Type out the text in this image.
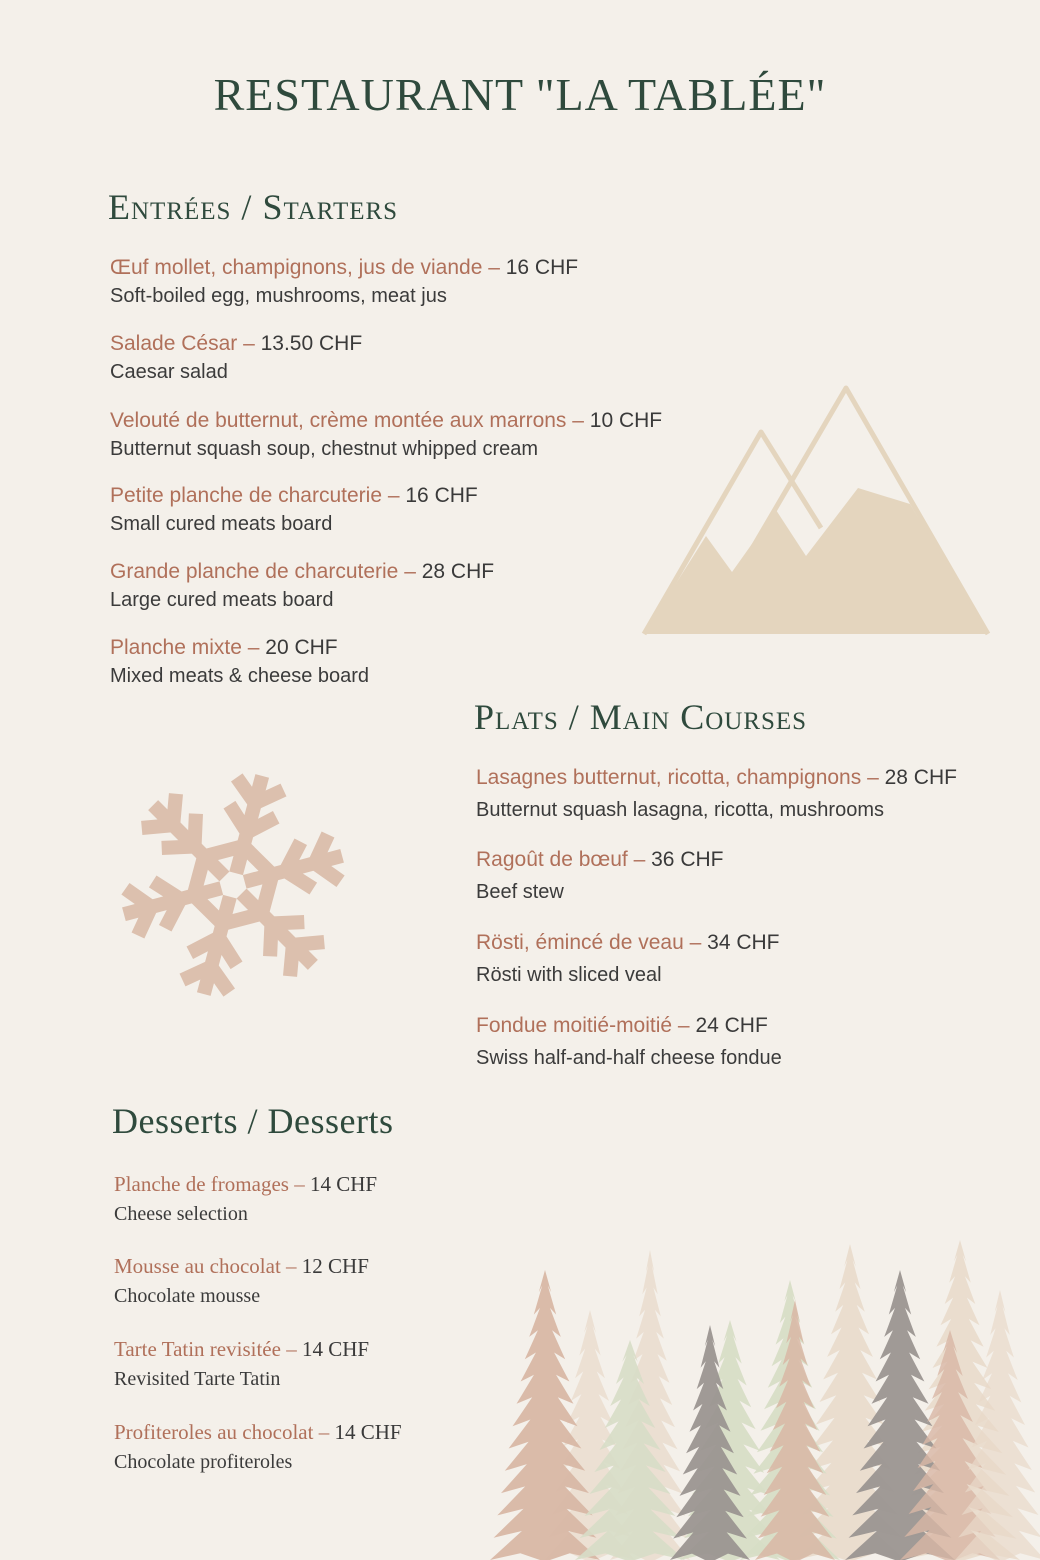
RESTAURANT "LA TABLÉE"
Entrées / Starters
Œuf mollet, champignons, jus de viande – 16 CHF
Soft-boiled egg, mushrooms, meat jus
Salade César – 13.50 CHF
Caesar salad
Velouté de butternut, crème montée aux marrons – 10 CHF
Butternut squash soup, chestnut whipped cream
Petite planche de charcuterie – 16 CHF
Small cured meats board
Grande planche de charcuterie – 28 CHF
Large cured meats board
Planche mixte – 20 CHF
Mixed meats & cheese board
Plats / Main Courses
Lasagnes butternut, ricotta, champignons – 28 CHF
Butternut squash lasagna, ricotta, mushrooms
Ragoût de bœuf – 36 CHF
Beef stew
Rösti, émincé de veau – 34 CHF
Rösti with sliced veal
Fondue moitié-moitié – 24 CHF
Swiss half-and-half cheese fondue
Desserts / Desserts
Planche de fromages – 14 CHF
Cheese selection
Mousse au chocolat – 12 CHF
Chocolate mousse
Tarte Tatin revisitée – 14 CHF
Revisited Tarte Tatin
Profiteroles au chocolat – 14 CHF
Chocolate profiteroles
